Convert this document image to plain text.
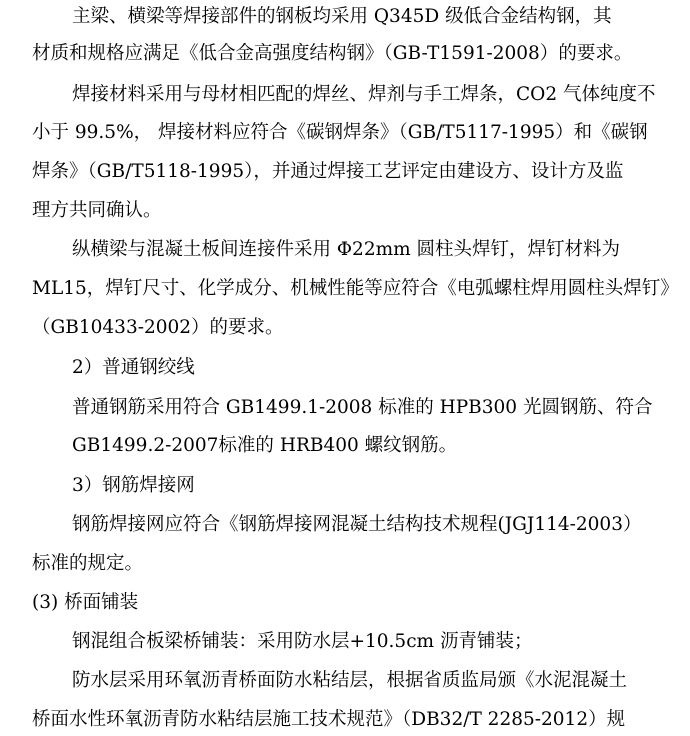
主梁、横梁等焊接部件的钢板均采用 Q345D 级低合金结构钢，其
材质和规格应满足《低合金高强度结构钢》（GB-T1591-2008）的要求。
焊接材料采用与母材相匹配的焊丝、焊剂与手工焊条，CO2 气体纯度不
小于 99.5%， 焊接材料应符合《碳钢焊条》（GB/T5117-1995）和《碳钢
焊条》（GB/T5118-1995），并通过焊接工艺评定由建设方、设计方及监
理方共同确认。
纵横梁与混凝土板间连接件采用 Φ22mm 圆柱头焊钉，焊钉材料为
ML15，焊钉尺寸、化学成分、机械性能等应符合《电弧螺柱焊用圆柱头焊钉》
（GB10433-2002）的要求。
2）普通钢绞线
普通钢筋采用符合 GB1499.1-2008 标准的 HPB300 光圆钢筋、符合
GB1499.2-2007标准的 HRB400 螺纹钢筋。
3）钢筋焊接网
钢筋焊接网应符合《钢筋焊接网混凝土结构技术规程(JGJ114-2003）
标准的规定。
(3) 桥面铺装
钢混组合板梁桥铺装：采用防水层+10.5cm 沥青铺装；
防水层采用环氧沥青桥面防水粘结层，根据省质监局颁《水泥混凝土
桥面水性环氧沥青防水粘结层施工技术规范》（DB32/T 2285-2012）规
